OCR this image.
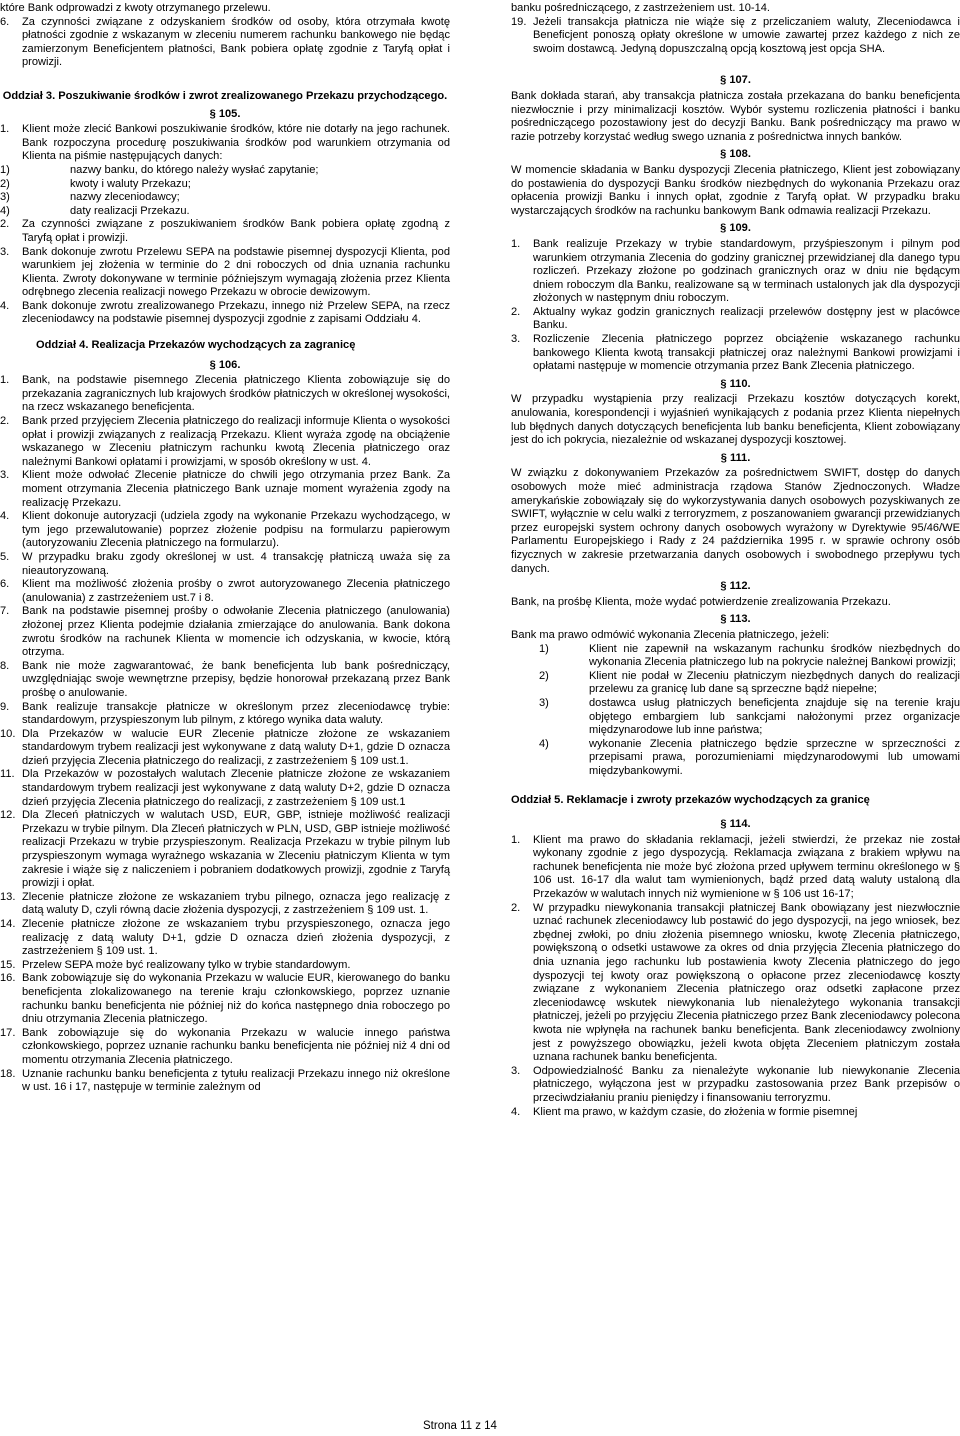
które Bank odprowadzi z kwoty otrzymanego przelewu.

6.	Za czynności związane z odzyskaniem środków od osoby, która otrzymała kwotę płatności zgodnie z wskazanym w zleceniu numerem rachunku bankowego nie będąc zamierzonym Beneficjentem płatności, Bank pobiera opłatę zgodnie z Taryfą opłat i prowizji.
Oddział 3. Poszukiwanie środków i zwrot zrealizowanego Przekazu przychodzącego.
§ 105.
1.	Klient może zlecić Bankowi poszukiwanie środków, które nie dotarły na jego rachunek. Bank rozpoczyna procedurę poszukiwania środków pod warunkiem otrzymania od Klienta na piśmie następujących danych:
1)	nazwy banku, do którego należy wysłać zapytanie;
2)	kwoty i waluty Przekazu;
3)	nazwy zleceniodawcy;
4)	daty realizacji Przekazu.
2.	Za czynności związane z poszukiwaniem środków Bank pobiera opłatę zgodną z Taryfą opłat i prowizji.
3.	Bank dokonuje zwrotu Przelewu SEPA na podstawie pisemnej dyspozycji Klienta, pod warunkiem jej złożenia w terminie do 2 dni roboczych od dnia uznania rachunku Klienta. Zwroty dokonywane w terminie późniejszym wymagają złożenia przez Klienta odrębnego zlecenia realizacji nowego Przekazu w obrocie dewizowym.
4.	Bank dokonuje zwrotu zrealizowanego Przekazu, innego niż Przelew SEPA, na rzecz zleceniodawcy na podstawie pisemnej dyspozycji zgodnie z zapisami Oddziału 4.
Oddział 4. Realizacja Przekazów wychodzących za zagranicę
§ 106.
1.	Bank, na podstawie pisemnego Zlecenia płatniczego Klienta zobowiązuje się do przekazania zagranicznych lub krajowych środków płatniczych w określonej wysokości, na rzecz wskazanego beneficjenta.
2.	Bank przed przyjęciem Zlecenia płatniczego do realizacji informuje Klienta o wysokości opłat i prowizji związanych z realizacją Przekazu. Klient wyraża zgodę na obciążenie wskazanego w Zleceniu płatniczym rachunku kwotą Zlecenia płatniczego oraz należnymi Bankowi opłatami i prowizjami, w sposób określony w ust. 4.
3.	Klient może odwołać Zlecenie płatnicze do chwili jego otrzymania przez Bank. Za moment otrzymania Zlecenia płatniczego Bank uznaje moment wyrażenia zgody na realizację Przekazu.
4.	Klient dokonuje autoryzacji (udziela zgody na wykonanie Przekazu wychodzącego, w tym jego przewalutowanie) poprzez złożenie podpisu na formularzu papierowym (autoryzowaniu Zlecenia płatniczego na formularzu).
5.	W przypadku braku zgody określonej w ust. 4 transakcję płatniczą uważa się za nieautoryzowaną.
6.	Klient ma możliwość złożenia prośby o zwrot autoryzowanego Zlecenia płatniczego (anulowania) z zastrzeżeniem ust.7 i 8.
7.	Bank na podstawie pisemnej prośby o odwołanie Zlecenia płatniczego (anulowania) złożonej przez Klienta podejmie działania zmierzające do anulowania. Bank dokona zwrotu środków na rachunek Klienta w momencie ich odzyskania, w kwocie, którą otrzyma.
8.	Bank nie może zagwarantować, że bank beneficjenta lub bank pośredniczący, uwzględniając swoje wewnętrzne przepisy, będzie honorował przekazaną przez Bank prośbę o anulowanie.
9.	Bank realizuje transakcje płatnicze w określonym przez zleceniodawcę trybie: standardowym, przyspieszonym lub pilnym, z którego wynika data waluty.
10. Dla Przekazów w walucie EUR Zlecenie płatnicze złożone ze wskazaniem standardowym trybem realizacji jest wykonywane z datą waluty D+1, gdzie D oznacza dzień przyjęcia Zlecenia płatniczego do realizacji, z zastrzeżeniem § 109 ust.1.
11. Dla Przekazów w pozostałych walutach Zlecenie płatnicze złożone ze wskazaniem standardowym trybem realizacji jest wykonywane z datą waluty D+2, gdzie D oznacza dzień przyjęcia Zlecenia płatniczego do realizacji, z zastrzeżeniem § 109 ust.1
12. Dla Zleceń płatniczych w walutach USD, EUR, GBP, istnieje możliwość realizacji Przekazu w trybie pilnym. Dla Zleceń płatniczych w PLN, USD, GBP istnieje możliwość realizacji Przekazu w trybie przyspieszonym. Realizacja Przekazu w trybie pilnym lub przyspieszonym wymaga wyrażnego wskazania w Zleceniu płatniczym Klienta w tym zakresie i wiąże się z naliczeniem i pobraniem dodatkowych prowizji, zgodnie z Taryfą prowizji i opłat.
13. Zlecenie płatnicze złożone ze wskazaniem trybu pilnego, oznacza jego realizację z datą waluty D, czyli równą dacie złożenia dyspozycji, z zastrzeżeniem § 109 ust. 1.
14. Zlecenie płatnicze złożone ze wskazaniem trybu przyspieszonego, oznacza jego realizację z datą waluty D+1, gdzie D oznacza dzień złożenia dyspozycji, z zastrzeżeniem § 109 ust. 1.
15. Przelew SEPA może być realizowany tylko w trybie standardowym.
16. Bank zobowiązuje się do wykonania Przekazu w walucie EUR, kierowanego do banku beneficjenta zlokalizowanego na terenie kraju członkowskiego, poprzez uznanie rachunku banku beneficjenta nie później niż do końca następnego dnia roboczego po dniu otrzymania Zlecenia płatniczego.
17. Bank zobowiązuje się do wykonania Przekazu w walucie innego państwa członkowskiego, poprzez uznanie rachunku banku beneficjenta nie później niż 4 dni od momentu otrzymania Zlecenia płatniczego.
18. Uznanie rachunku banku beneficjenta z tytułu realizacji Przekazu innego niż określone w ust. 16 i 17, następuje w terminie zależnym od

banku pośredniczącego, z zastrzeżeniem ust. 10-14.

19. Jeżeli transakcja płatnicza nie wiąże się z przeliczaniem waluty, Zleceniodawca i Beneficjent ponoszą opłaty określone w umowie zawartej przez każdego z nich ze swoim dostawcą. Jedyną dopuszczalną opcją kosztową jest opcja SHA.
§ 107.

Bank dokłada starań, aby transakcja płatnicza została przekazana do banku beneficjenta niezwłocznie i przy minimalizacji kosztów. Wybór systemu rozliczenia płatności i banku pośredniczącego pozostawiony jest do decyzji Banku. Bank pośredniczący ma prawo w razie potrzeby korzystać według swego uznania z pośrednictwa innych banków.

§ 108.

W momencie składania w Banku dyspozycji Zlecenia płatniczego, Klient jest zobowiązany do postawienia do dyspozycji Banku środków niezbędnych do wykonania Przekazu oraz opłacenia prowizji Banku i innych opłat, zgodnie z Taryfą opłat. W przypadku braku wystarczających środków na rachunku bankowym Bank odmawia realizacji Przekazu.

§ 109.
1.	Bank realizuje Przekazy w trybie standardowym, przyśpieszonym i pilnym pod warunkiem otrzymania Zlecenia do godziny granicznej przewidzianej dla danego typu rozliczeń. Przekazy złożone po godzinach granicznych oraz w dniu nie będącym dniem roboczym dla Banku, realizowane są w terminach ustalonych jak dla dyspozycji złożonych w następnym dniu roboczym.
2.	Aktualny wykaz godzin granicznych realizacji przelewów dostępny jest w placówce Banku.
3.	Rozliczenie Zlecenia płatniczego poprzez obciążenie wskazanego rachunku bankowego Klienta kwotą transakcji płatniczej oraz należnymi Bankowi prowizjami i opłatami następuje w momencie otrzymania przez Bank Zlecenia płatniczego.
§ 110.

W przypadku wystąpienia przy realizacji Przekazu kosztów dotyczących korekt, anulowania, korespondencji i wyjaśnień wynikających z podania przez Klienta niepełnych lub błędnych danych dotyczących beneficjenta lub banku beneficjenta, Klient zobowiązany jest do ich pokrycia, niezależnie od wskazanej dyspozycji kosztowej.

§ 111.

W związku z dokonywaniem Przekazów za pośrednictwem SWIFT, dostęp do danych osobowych może mieć administracja rządowa Stanów Zjednoczonych. Władze amerykańskie zobowiązały się do wykorzystywania danych osobowych pozyskiwanych ze SWIFT, wyłącznie w celu walki z terroryzmem, z poszanowaniem gwarancji przewidzianych przez europejski system ochrony danych osobowych wyrażony w Dyrektywie 95/46/WE Parlamentu Europejskiego i Rady z 24 października 1995 r. w sprawie ochrony osób fizycznych w zakresie przetwarzania danych osobowych i swobodnego przepływu tych danych.

§ 112.

Bank, na prośbę Klienta, może wydać potwierdzenie zrealizowania Przekazu.

§ 113.

Bank ma prawo odmówić wykonania Zlecenia płatniczego, jeżeli:

1)	Klient nie zapewnił na wskazanym rachunku środków niezbędnych do wykonania Zlecenia płatniczego lub na pokrycie należnej Bankowi prowizji;
2)	Klient nie podał w Zleceniu płatniczym niezbędnych danych do realizacji przelewu za granicę lub dane są sprzeczne bądź niepełne;
3)	dostawca usług płatniczych beneficjenta znajduje się na terenie kraju objętego embargiem lub sankcjami nałożonymi przez organizacje międzynarodowe lub inne państwa;
4)	wykonanie Zlecenia płatniczego będzie sprzeczne w sprzeczności z przepisami prawa, porozumieniami międzynarodowymi lub umowami międzybankowymi.
Oddział 5. Reklamacje i zwroty przekazów wychodzących za granicę
§ 114.
1.	Klient ma prawo do składania reklamacji, jeżeli stwierdzi, że przekaz nie został wykonany zgodnie z jego dyspozycją. Reklamacja związana z brakiem wpływu na rachunek beneficjenta nie może być złożona przed upływem terminu określonego w § 106 ust. 16-17 dla walut tam wymienionych, bądź przed datą waluty ustaloną dla Przekazów w walutach innych niż wymienione w § 106 ust 16-17;
2.	W przypadku niewykonania transakcji płatniczej Bank obowiązany jest niezwłocznie uznać rachunek zleceniodawcy lub postawić do jego dyspozycji, na jego wniosek, bez zbędnej zwłoki, po dniu złożenia pisemnego wniosku, kwotę Zlecenia płatniczego, powiększoną o odsetki ustawowe za okres od dnia przyjęcia Zlecenia płatniczego do dnia uznania jego rachunku lub postawienia kwoty Zlecenia płatniczego do jego dyspozycji tej kwoty oraz powiększoną o opłacone przez zleceniodawcę koszty związane z wykonaniem Zlecenia płatniczego oraz odsetki zapłacone przez zleceniodawcę wskutek niewykonania lub nienależytego wykonania transakcji płatniczej, jeżeli po przyjęciu Zlecenia płatniczego przez Bank zleceniodawcy polecona kwota nie wpłynęła na rachunek banku beneficjenta. Bank zleceniodawcy zwolniony jest z powyższego obowiązku, jeżeli kwota objęta Zleceniem płatniczym została uznana rachunek banku beneficjenta.
3.	Odpowiedzialność Banku za nienależyte wykonanie lub niewykonanie Zlecenia płatniczego, wyłączona jest w przypadku zastosowania przez Bank przepisów o przeciwdziałaniu praniu pieniędzy i finansowaniu terroryzmu.
4.	Klient ma prawo, w każdym czasie, do złożenia w formie pisemnej
Strona 11 z 14
